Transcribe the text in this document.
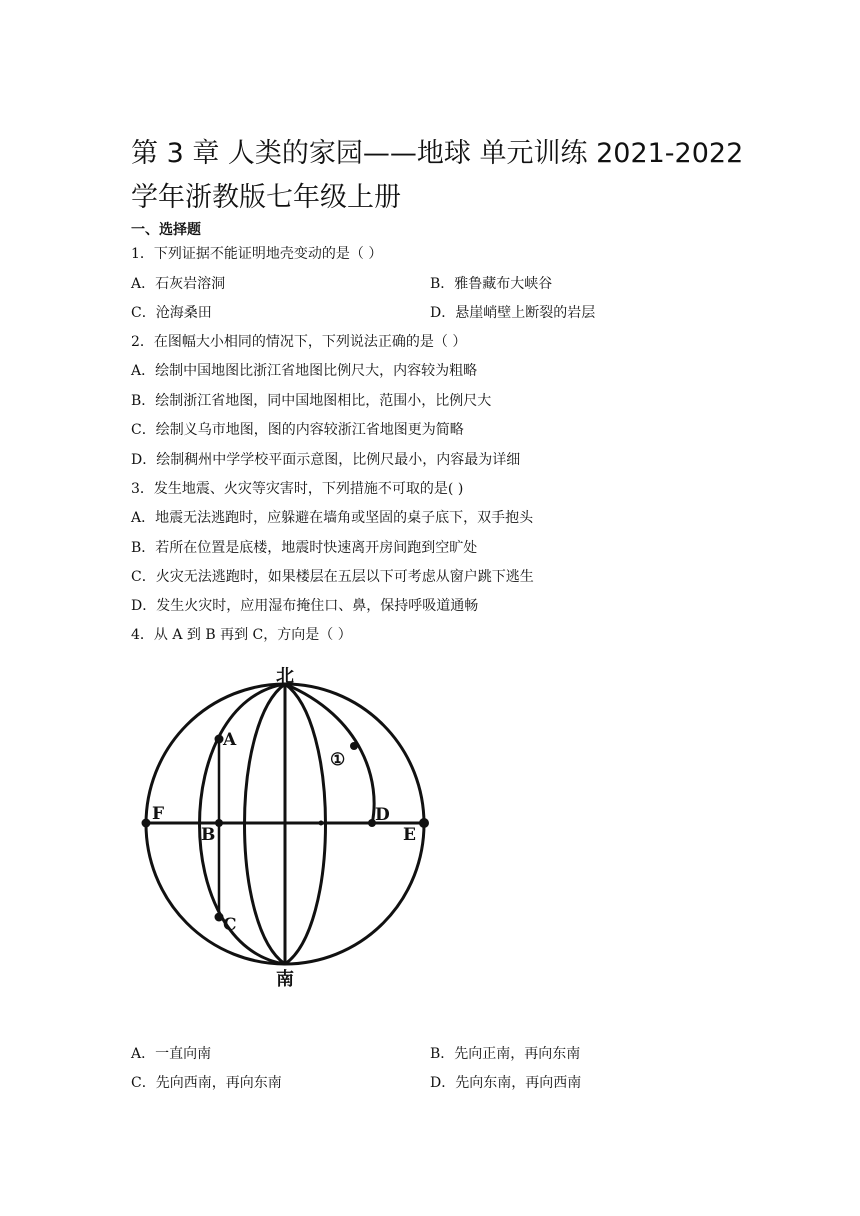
第 3 章 人类的家园——地球 单元训练 2021-2022 学年浙教版七年级上册
一、选择题
1．下列证据不能证明地壳变动的是（ ）
A．石灰岩溶洞	B．雅鲁藏布大峡谷
C．沧海桑田	D．悬崖峭壁上断裂的岩层
2．在图幅大小相同的情况下，下列说法正确的是（ ）
A．绘制中国地图比浙江省地图比例尺大，内容较为粗略
B．绘制浙江省地图，同中国地图相比，范围小，比例尺大
C．绘制义乌市地图，图的内容较浙江省地图更为简略
D．绘制稠州中学学校平面示意图，比例尺最小，内容最为详细
3．发生地震、火灾等灾害时，下列措施不可取的是( )
A．地震无法逃跑时，应躲避在墙角或坚固的桌子底下，双手抱头
B．若所在位置是底楼，地震时快速离开房间跑到空旷处
C．火灾无法逃跑时，如果楼层在五层以下可考虑从窗户跳下逃生
D．发生火灾时，应用湿布掩住口、鼻，保持呼吸道通畅
4．从 A 到 B 再到 C，方向是（ ）
北
南
A
B
C
D
E
F
①
A．一直向南	B．先向正南，再向东南
C．先向西南，再向东南	D．先向东南，再向西南
